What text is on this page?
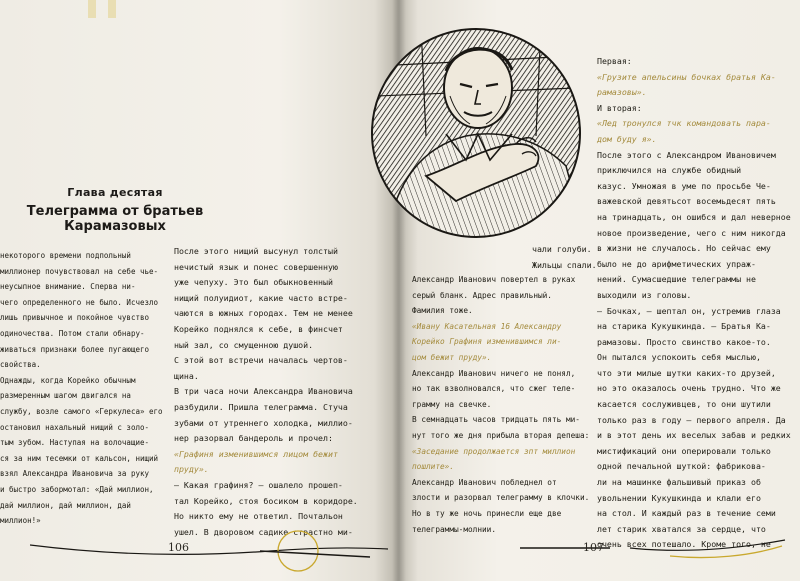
Глава десятая
Телеграмма от братьев
Карамазовых
некоторого времени подпольный
миллионер почувствовал на себе чье-
неусыпное внимание. Сперва ни-
чего определенного не было. Исчезло
лишь привычное и покойное чувство
одиночества. Потом стали обнару-
живаться признаки более пугающего
свойства.
Однажды, когда Корейко обычным
размеренным шагом двигался на
службу, возле самого «Геркулеса» его
остановил нахальный нищий с золо-
тым зубом. Наступая на волочащие-
ся за ним тесемки от кальсон, нищий
взял Александра Ивановича за руку
и быстро забормотал: «Дай миллион,
дай миллион, дай миллион, дай
миллион!»
После этого нищий высунул толстый
нечистый язык и понес совершенную
уже чепуху. Это был обыкновенный
нищий полуидиот, какие часто встре-
чаются в южных городах. Тем не менее
Корейко поднялся к себе, в финсчет
ный зал, со смущенною душой.
С этой вот встречи началась чертов-
щина.
В три часа ночи Александра Ивановича
разбудили. Пришла телеграмма. Стуча
зубами от утреннего холодка, миллио-
нер разорвал бандероль и прочел:
«Графиня изменившимся лицом бежит
пруду».
— Какая графиня? — ошалело прошеп-
тал Корейко, стоя босиком в коридоре.
Но никто ему не ответил. Почтальон
ушел. В дворовом садике страстно ми-
чали голуби.
Жильцы спали.
Александр Иванович повертел в руках
серый бланк. Адрес правильный.
Фамилия тоже.
«Ивану Касательная 16 Александру
Корейко Графиня изменившимся ли-
цом бежит пруду».
Александр Иванович ничего не понял,
но так взволновался, что сжег теле-
грамму на свечке.
В семнадцать часов тридцать пять ми-
нут того же дня прибыла вторая депеша:
«Заседание продолжается зпт миллион
пошлите».
Александр Иванович побледнел от
злости и разорвал телеграмму в клочки.
Но в ту же ночь принесли еще две
телеграммы-молнии.
Первая:
«Грузите апельсины бочках братья Ка-
рамазовы».
И вторая:
«Лед тронулся тчк командовать пара-
дом буду я».
После этого с Александром Ивановичем
приключился на службе обидный
казус. Умножая в уме по просьбе Че-
важевской девятьсот восемьдесят пять
на тринадцать, он ошибся и дал неверное
новое произведение, чего с ним никогда
в жизни не случалось. Но сейчас ему
было не до арифметических упраж-
нений. Сумасшедшие телеграммы не
выходили из головы.
— Бочках, — шептал он, устремив глаза
на старика Кукушкинда. — Братья Ка-
рамазовы. Просто свинство какое-то.
Он пытался успокоить себя мыслью,
что эти милые шутки каких-то друзей,
но это оказалось очень трудно. Что же
касается сослуживцев, то они шутили
только раз в году — первого апреля. Да
и в этот день их веселых забав и редких
мистификаций они оперировали только
одной печальной шуткой: фабрикова-
ли на машинке фальшивый приказ об
увольнении Кукушкинда и клали его
на стол. И каждый раз в течение семи
лет старик хватался за сердце, что
очень всех потешало. Кроме того, не
106	107
